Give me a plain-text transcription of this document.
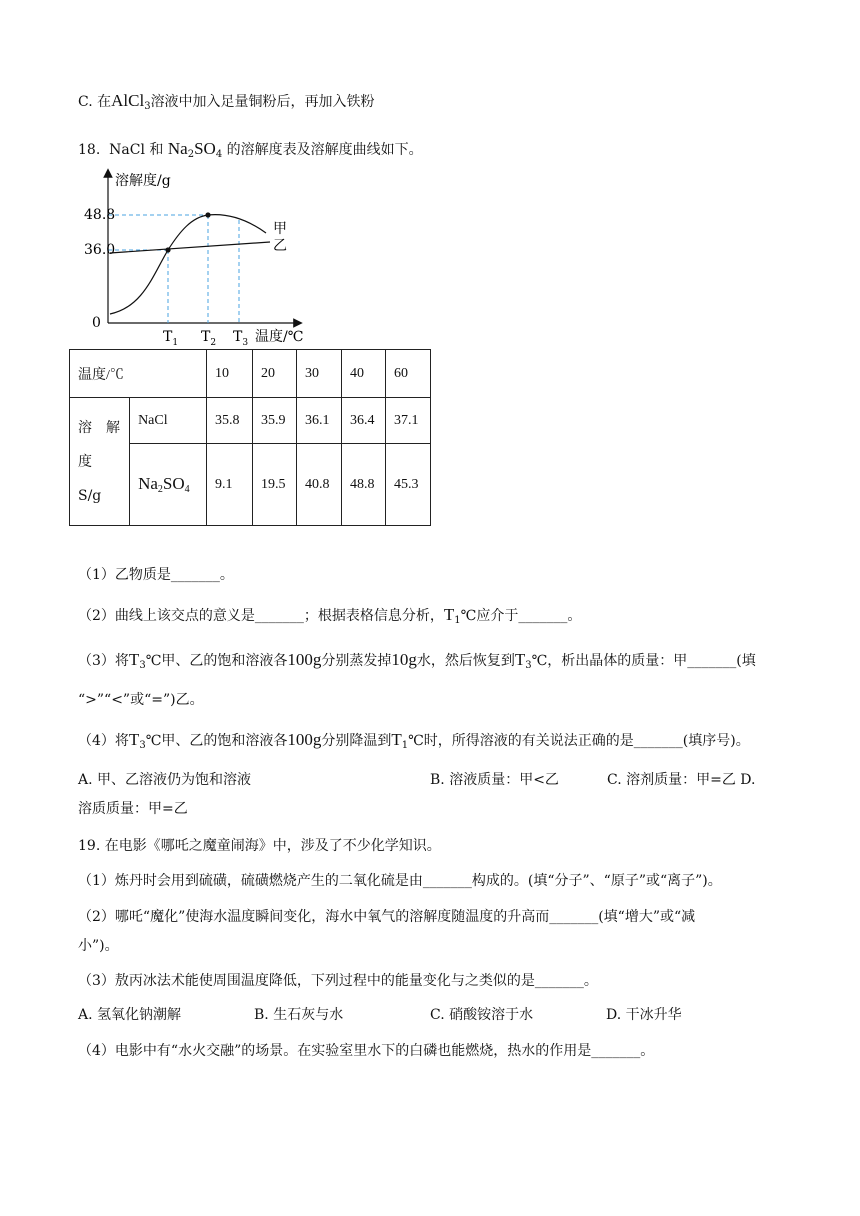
C. 在AlCl$_3$溶液中加入足量铜粉后，再加入铁粉
18. NaCl 和 $Na_2SO_4$ 的溶解度表及溶解度曲线如下。
溶解度/g
48.8
36.0
0
甲
乙
$T_1$ $T_2$ $T_3$ 温度/℃
温度/℃		10	20	30	40	60

溶　解
度
S/g	NaCl	35.8	35.9	36.1	36.4	37.1
	$Na_2SO_4$	9.1	19.5	40.8	48.8	45.3
（1）乙物质是_______。
（2）曲线上该交点的意义是_______；根据表格信息分析，$T_1℃$应介于_______。
（3）将$T_3℃$甲、乙的饱和溶液各100g分别蒸发掉10g水，然后恢复到$T_3℃$，析出晶体的质量：甲_______(填
“>”“<”或“=”)乙。
（4）将$T_3℃$甲、乙的饱和溶液各100g分别降温到$T_1℃$时，所得溶液的有关说法正确的是_______(填序号)。
A. 甲、乙溶液仍为饱和溶液	B. 溶液质量：甲<乙	C. 溶剂质量：甲=乙 D.
溶质质量：甲=乙
19. 在电影《哪吒之魔童闹海》中，涉及了不少化学知识。
（1）炼丹时会用到硫磺，硫磺燃烧产生的二氧化硫是由_______构成的。(填“分子”、“原子”或“离子”)。
（2）哪吒“魔化”使海水温度瞬间变化，海水中氧气的溶解度随温度的升高而_______(填“增大”或“减
小”)。
（3）敖丙冰法术能使周围温度降低，下列过程中的能量变化与之类似的是_______。
A. 氢氧化钠潮解	B. 生石灰与水	C. 硝酸铵溶于水	D. 干冰升华
（4）电影中有“水火交融”的场景。在实验室里水下的白磷也能燃烧，热水的作用是_______。
